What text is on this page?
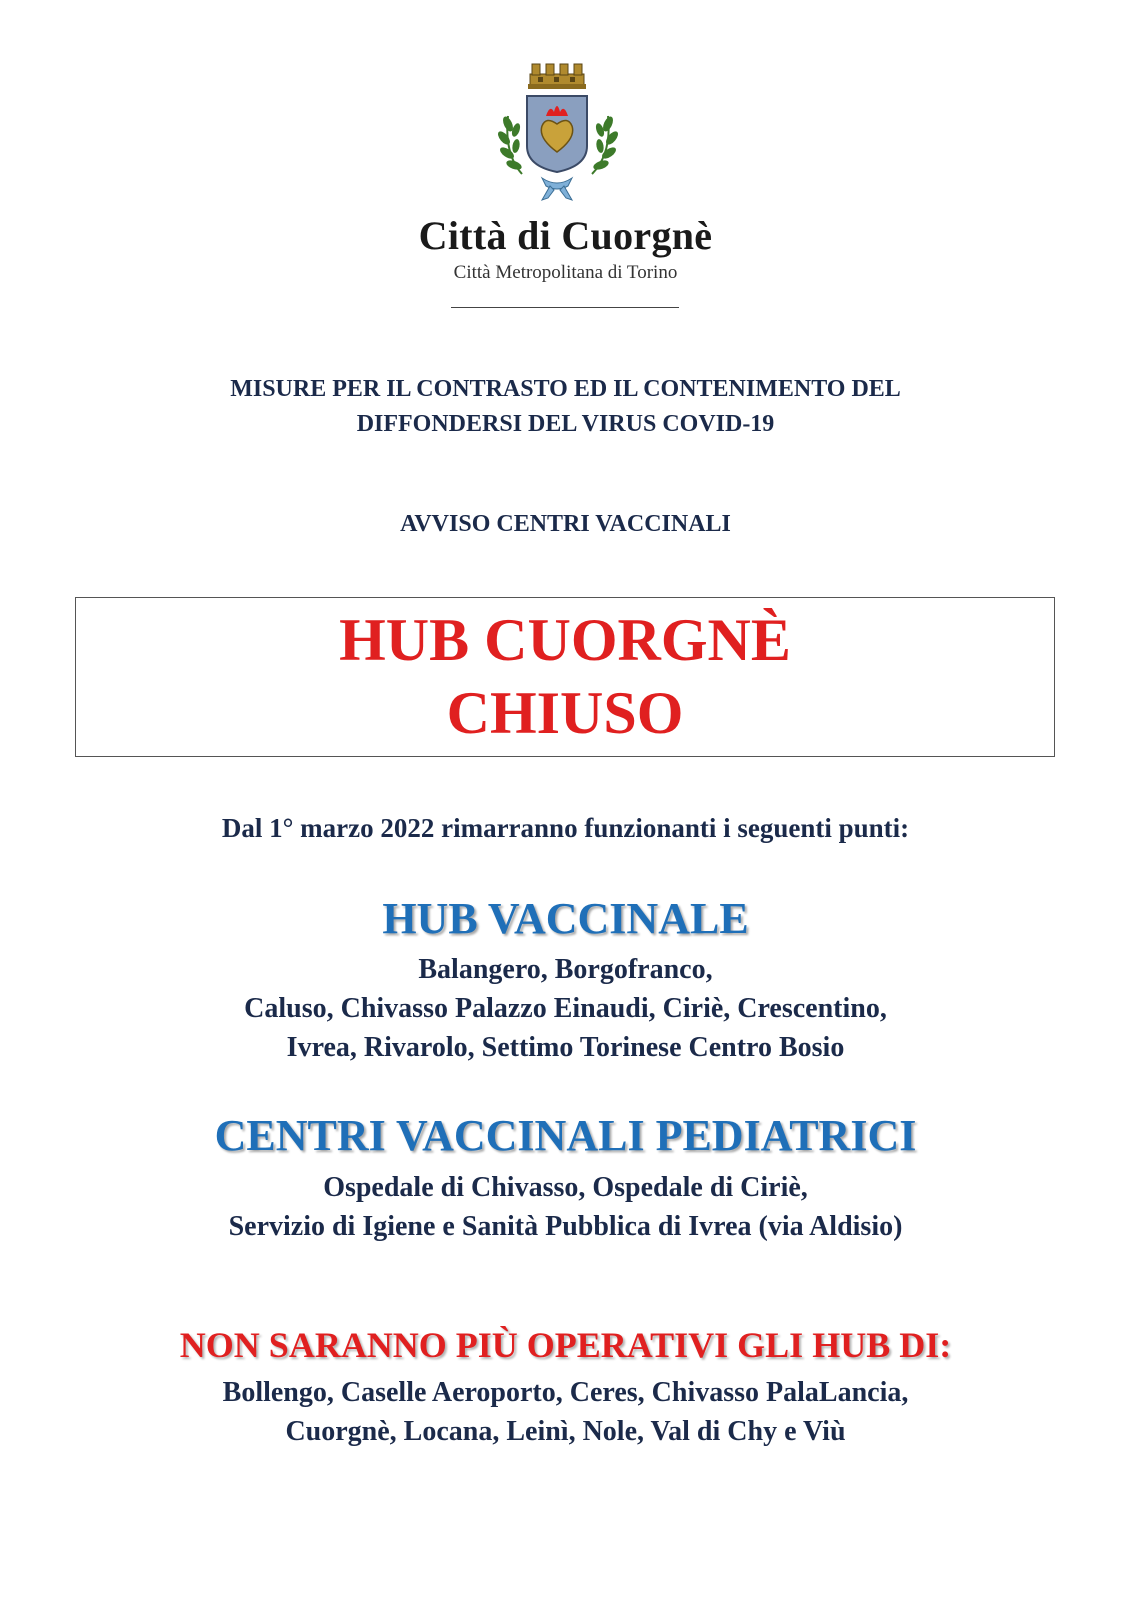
Città di Cuorgnè
Città Metropolitana di Torino
MISURE PER IL CONTRASTO ED IL CONTENIMENTO DEL
DIFFONDERSI DEL VIRUS COVID-19
AVVISO CENTRI VACCINALI
HUB CUORGNÈ
CHIUSO
Dal 1° marzo 2022 rimarranno funzionanti i seguenti punti:
HUB VACCINALE
Balangero, Borgofranco,
Caluso, Chivasso Palazzo Einaudi, Ciriè, Crescentino,
Ivrea, Rivarolo, Settimo Torinese Centro Bosio
CENTRI VACCINALI PEDIATRICI
Ospedale di Chivasso, Ospedale di Ciriè,
Servizio di Igiene e Sanità Pubblica di Ivrea (via Aldisio)
NON SARANNO PIÙ OPERATIVI GLI HUB DI:
Bollengo, Caselle Aeroporto, Ceres, Chivasso PalaLancia,
Cuorgnè, Locana, Leinì, Nole, Val di Chy e Viù
